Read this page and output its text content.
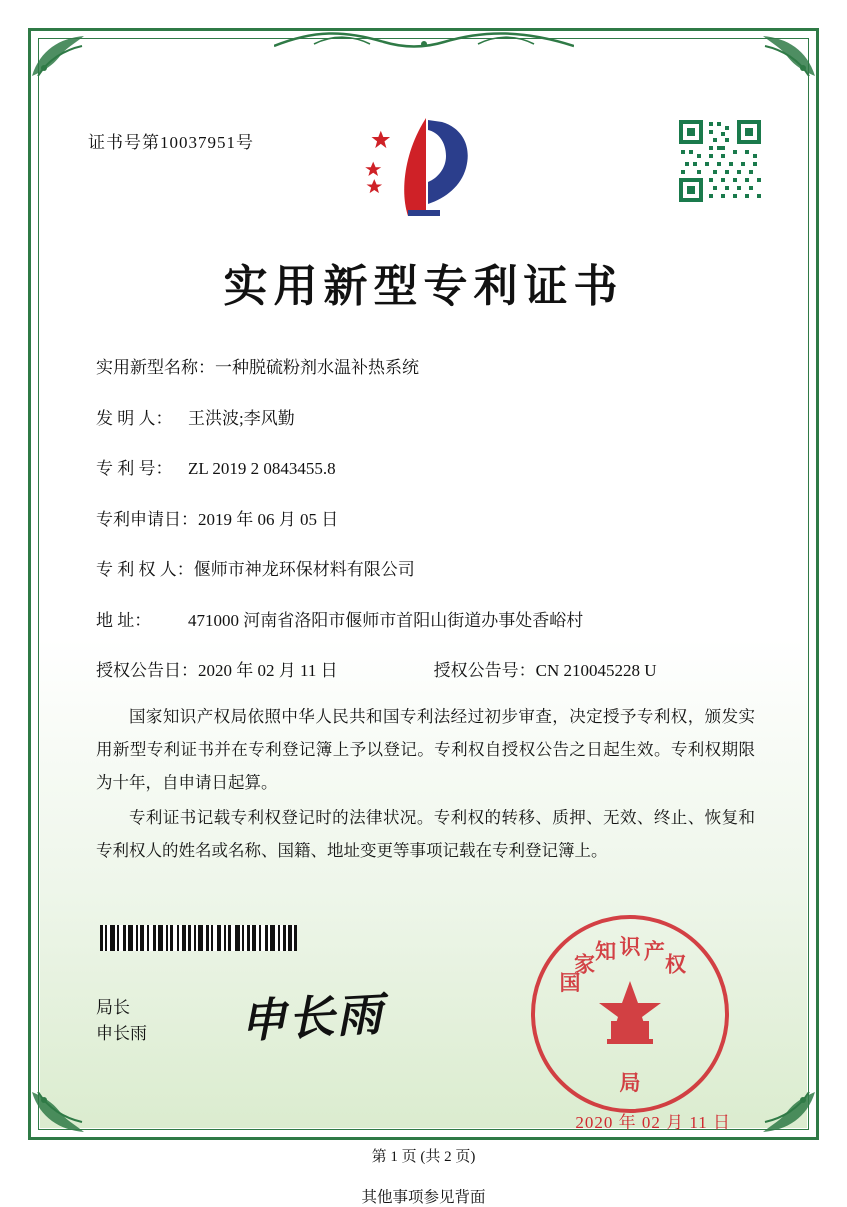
证书号第10037951号
实用新型专利证书
实用新型名称： 一种脱硫粉剂水温补热系统
发 明 人： 王洪波;李风勤
专 利 号： ZL 2019 2 0843455.8
专利申请日： 2019 年 06 月 05 日
专 利 权 人： 偃师市神龙环保材料有限公司
地 址：	471000 河南省洛阳市偃师市首阳山街道办事处香峪村
授权公告日： 2020 年 02 月 11 日	授权公告号： CN 210045228 U

国家知识产权局依照中华人民共和国专利法经过初步审查，决定授予专利权，颁发实用新型专利证书并在专利登记簿上予以登记。专利权自授权公告之日起生效。专利权期限为十年，自申请日起算。

专利证书记载专利权登记时的法律状况。专利权的转移、质押、无效、终止、恢复和专利权人的姓名或名称、国籍、地址变更等事项记载在专利登记簿上。

局长
申长雨 申长雨
国
家
知 识 产
权
局
2020 年 02 月 11 日
第 1 页 (共 2 页)
其他事项参见背面
